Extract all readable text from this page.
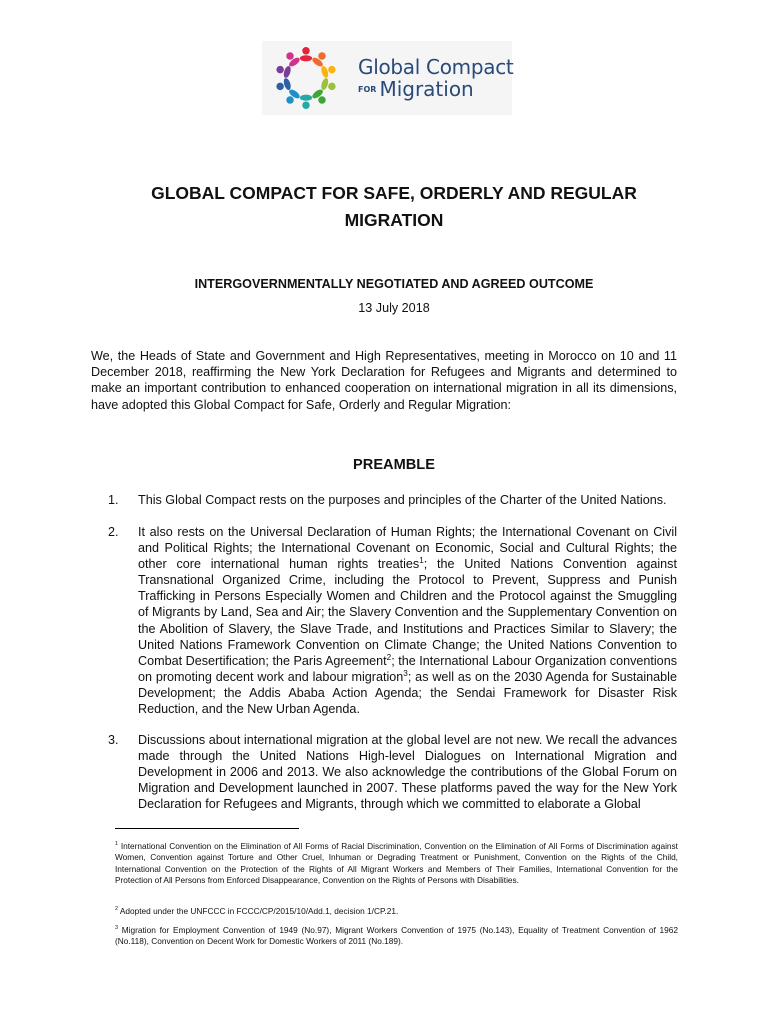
Global Compact
FOR Migration
GLOBAL COMPACT FOR SAFE, ORDERLY AND REGULAR MIGRATION
INTERGOVERNMENTALLY NEGOTIATED AND AGREED OUTCOME
13 July 2018
We, the Heads of State and Government and High Representatives, meeting in Morocco on 10 and 11 December 2018, reaffirming the New York Declaration for Refugees and Migrants and determined to make an important contribution to enhanced cooperation on international migration in all its dimensions, have adopted this Global Compact for Safe, Orderly and Regular Migration:
PREAMBLE
1. This Global Compact rests on the purposes and principles of the Charter of the United Nations.
2. It also rests on the Universal Declaration of Human Rights; the International Covenant on Civil and Political Rights; the International Covenant on Economic, Social and Cultural Rights; the other core international human rights treaties$^1$; the United Nations Convention against Transnational Organized Crime, including the Protocol to Prevent, Suppress and Punish Trafficking in Persons Especially Women and Children and the Protocol against the Smuggling of Migrants by Land, Sea and Air; the Slavery Convention and the Supplementary Convention on the Abolition of Slavery, the Slave Trade, and Institutions and Practices Similar to Slavery; the United Nations Framework Convention on Climate Change; the United Nations Convention to Combat Desertification; the Paris Agreement$^2$; the International Labour Organization conventions on promoting decent work and labour migration$^3$; as well as on the 2030 Agenda for Sustainable Development; the Addis Ababa Action Agenda; the Sendai Framework for Disaster Risk Reduction, and the New Urban Agenda.
3. Discussions about international migration at the global level are not new. We recall the advances made through the United Nations High-level Dialogues on International Migration and Development in 2006 and 2013. We also acknowledge the contributions of the Global Forum on Migration and Development launched in 2007. These platforms paved the way for the New York Declaration for Refugees and Migrants, through which we committed to elaborate a Global
$^1$ International Convention on the Elimination of All Forms of Racial Discrimination, Convention on the Elimination of All Forms of Discrimination against Women, Convention against Torture and Other Cruel, Inhuman or Degrading Treatment or Punishment, Convention on the Rights of the Child, International Convention on the Protection of the Rights of All Migrant Workers and Members of Their Families, International Convention for the Protection of All Persons from Enforced Disappearance, Convention on the Rights of Persons with Disabilities.
$^2$ Adopted under the UNFCCC in FCCC/CP/2015/10/Add.1, decision 1/CP.21.
$^3$ Migration for Employment Convention of 1949 (No.97), Migrant Workers Convention of 1975 (No.143), Equality of Treatment Convention of 1962 (No.118), Convention on Decent Work for Domestic Workers of 2011 (No.189).
